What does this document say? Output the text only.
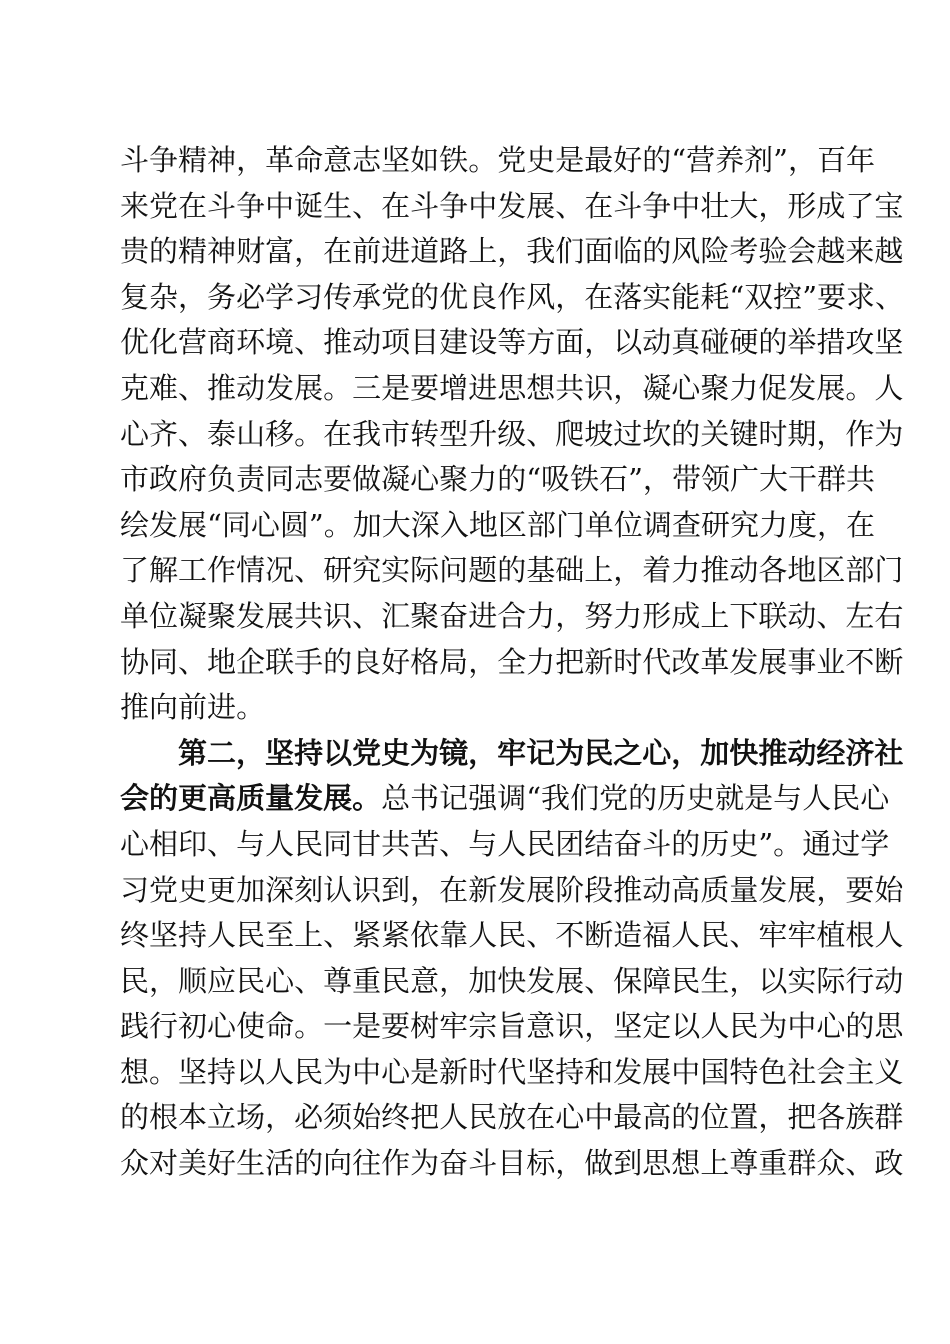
斗 争 精 神 ， 革 命 意 志 坚 如 铁 。 党 史 是 最 好 的 “ 营 养 剂 ” ， 百 年
来 党 在 斗 争 中 诞 生 、 在 斗 争 中 发 展 、 在 斗 争 中 壮 大 ， 形 成 了 宝
贵 的 精 神 财 富 ， 在 前 进 道 路 上 ， 我 们 面 临 的 风 险 考 验 会 越 来 越
复 杂 ， 务 必 学 习 传 承 党 的 优 良 作 风 ， 在 落 实 能 耗 “ 双 控 ” 要 求 、
优 化 营 商 环 境 、 推 动 项 目 建 设 等 方 面 ， 以 动 真 碰 硬 的 举 措 攻 坚
克 难 、 推 动 发 展 。 三 是 要 增 进 思 想 共 识 ， 凝 心 聚 力 促 发 展 。 人
心 齐 、 泰 山 移 。 在 我 市 转 型 升 级 、 爬 坡 过 坎 的 关 键 时 期 ， 作 为
市 政 府 负 责 同 志 要 做 凝 心 聚 力 的 “ 吸 铁 石 ” ， 带 领 广 大 干 群 共
绘 发 展 “ 同 心 圆 ” 。 加 大 深 入 地 区 部 门 单 位 调 查 研 究 力 度 ， 在
了 解 工 作 情 况 、 研 究 实 际 问 题 的 基 础 上 ， 着 力 推 动 各 地 区 部 门
单 位 凝 聚 发 展 共 识 、 汇 聚 奋 进 合 力 ， 努 力 形 成 上 下 联 动 、 左 右
协 同 、 地 企 联 手 的 良 好 格 局 ， 全 力 把 新 时 代 改 革 发 展 事 业 不 断
推 向 前 进 。
第 二 ， 坚 持 以 党 史 为 镜 ， 牢 记 为 民 之 心 ， 加 快 推 动 经 济 社
会 的 更 高 质 量 发 展 。 总 书 记 强 调 “ 我 们 党 的 历 史 就 是 与 人 民 心
心 相 印 、 与 人 民 同 甘 共 苦 、 与 人 民 团 结 奋 斗 的 历 史 ” 。 通 过 学
习 党 史 更 加 深 刻 认 识 到 ， 在 新 发 展 阶 段 推 动 高 质 量 发 展 ， 要 始
终 坚 持 人 民 至 上 、 紧 紧 依 靠 人 民 、 不 断 造 福 人 民 、 牢 牢 植 根 人
民 ， 顺 应 民 心 、 尊 重 民 意 ， 加 快 发 展 、 保 障 民 生 ， 以 实 际 行 动
践 行 初 心 使 命 。 一 是 要 树 牢 宗 旨 意 识 ， 坚 定 以 人 民 为 中 心 的 思
想 。 坚 持 以 人 民 为 中 心 是 新 时 代 坚 持 和 发 展 中 国 特 色 社 会 主 义
的 根 本 立 场 ， 必 须 始 终 把 人 民 放 在 心 中 最 高 的 位 置 ， 把 各 族 群
众 对 美 好 生 活 的 向 往 作 为 奋 斗 目 标 ， 做 到 思 想 上 尊 重 群 众 、 政
